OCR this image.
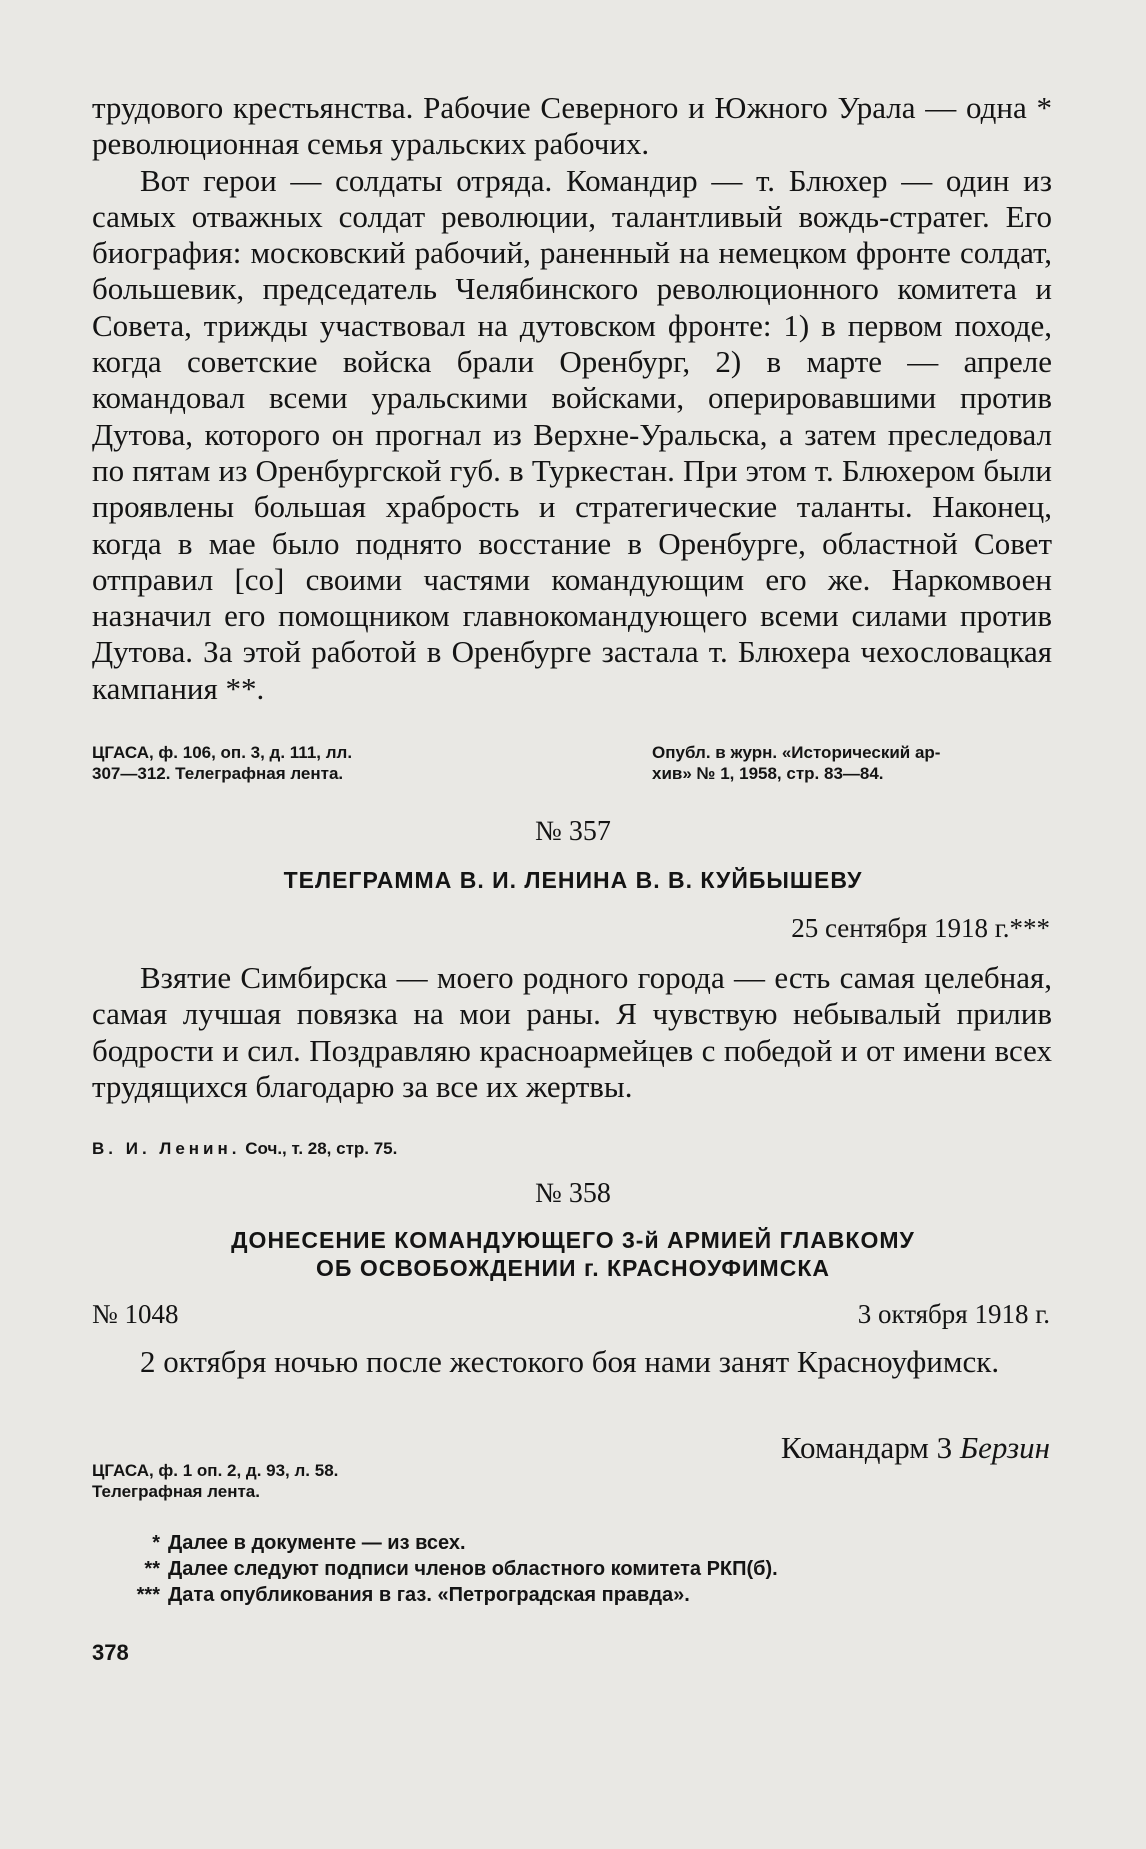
трудового крестьянства. Рабочие Северного и Южного Урала — одна * революционная семья уральских рабочих.

Вот герои — солдаты отряда. Командир — т. Блюхер — один из самых отважных солдат революции, талантливый вождь-стратег. Его биография: московский рабочий, раненный на немецком фронте солдат, большевик, председатель Челябинского революционного комитета и Совета, трижды участвовал на дутовском фронте: 1) в первом походе, когда советские войска брали Оренбург, 2) в марте — апреле командовал всеми уральскими войсками, оперировавшими против Дутова, которого он прогнал из Верхне-Уральска, а затем преследовал по пятам из Оренбургской губ. в Туркестан. При этом т. Блюхером были проявлены большая храбрость и стратегические таланты. Наконец, когда в мае было поднято восстание в Оренбурге, областной Совет отправил [со] своими частями командующим его же. Наркомвоен назначил его помощником главнокомандующего всеми силами против Дутова. За этой работой в Оренбурге застала т. Блюхера чехословацкая кампания **.

ЦГАСА, ф. 106, оп. 3, д. 111, лл.
307—312. Телеграфная лента.
Опубл. в журн. «Исторический ар-
хив» № 1, 1958, стр. 83—84.
№ 357
ТЕЛЕГРАММА В. И. ЛЕНИНА В. В. КУЙБЫШЕВУ
25 сентября 1918 г.***

Взятие Симбирска — моего родного города — есть самая целебная, самая лучшая повязка на мои раны. Я чувствую небывалый прилив бодрости и сил. Поздравляю красноармейцев с победой и от имени всех трудящихся благодарю за все их жертвы.

В. И. Ленин. Соч., т. 28, стр. 75.
№ 358
ДОНЕСЕНИЕ КОМАНДУЮЩЕГО 3-й АРМИЕЙ ГЛАВКОМУ
ОБ ОСВОБОЖДЕНИИ г. КРАСНОУФИМСКА
№ 1048	3 октября 1918 г.

2 октября ночью после жестокого боя нами занят Красноуфимск.

Командарм 3 Берзин
ЦГАСА, ф. 1 оп. 2, д. 93, л. 58.
Телеграфная лента.
* Далее в документе — из всех.
** Далее следуют подписи членов областного комитета РКП(б).
*** Дата опубликования в газ. «Петроградская правда».
378
